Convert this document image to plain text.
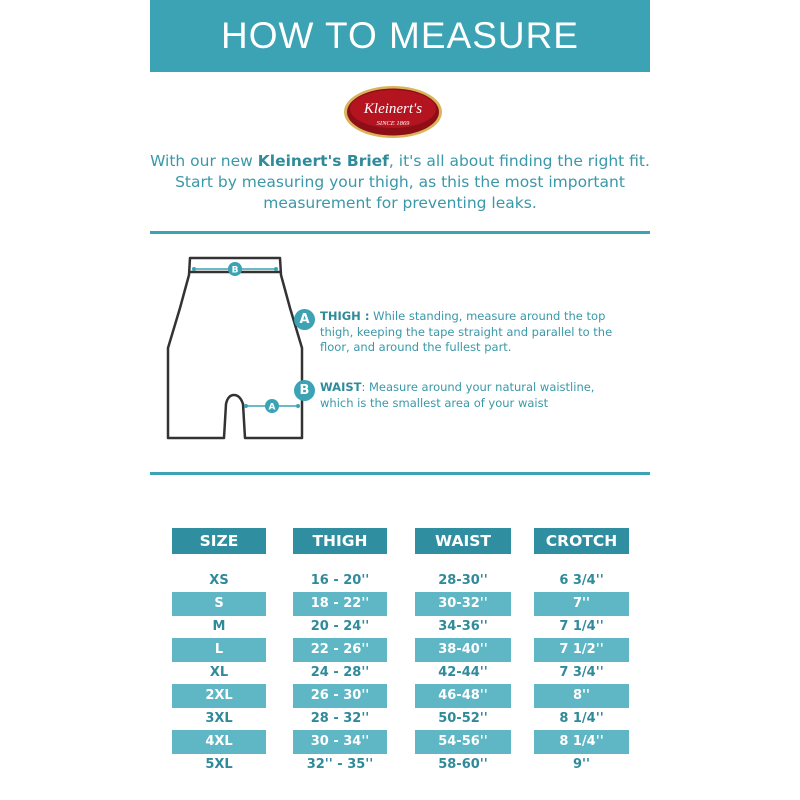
HOW TO MEASURE
Kleinert's
SINCE 1869
With our new Kleinert's Brief, it's all about finding the right fit. Start by measuring your thigh, as this the most important measurement for preventing leaks.
B
A
A THIGH : While standing, measure around the top thigh, keeping the tape straight and parallel to the floor, and around the fullest part.
B WAIST: Measure around your natural waistline, which is the smallest area of your waist
SIZE	THIGH	WAIST	CROTCH
XS	16 - 20''	28-30''	6 3/4''
S	18 - 22''	30-32''	7''
M	20 - 24''	34-36''	7 1/4''
L	22 - 26''	38-40''	7 1/2''
XL	24 - 28''	42-44''	7 3/4''
2XL	26 - 30''	46-48''	8''
3XL	28 - 32''	50-52''	8 1/4''
4XL	30 - 34''	54-56''	8 1/4''
5XL	32'' - 35''	58-60''	9''
